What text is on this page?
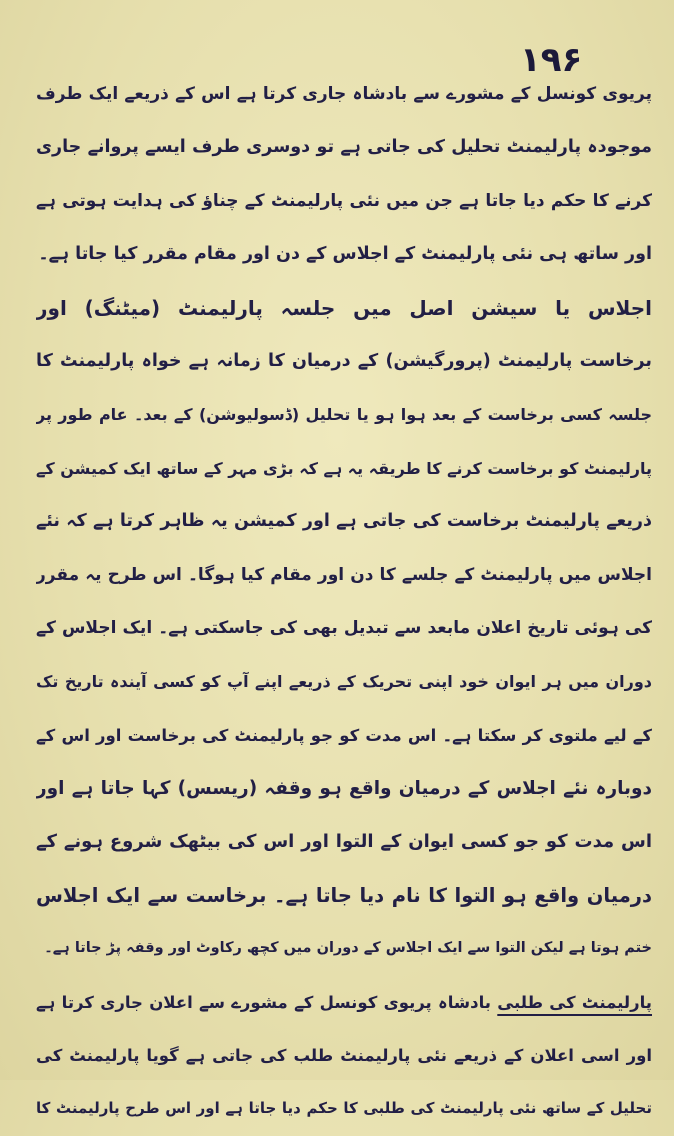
۱۹۶
پریوی کونسل کے مشورے سے بادشاہ جاری کرتا ہے اس کے ذریعے ایک طرف
موجودہ پارلیمنٹ تحلیل کی جاتی ہے تو دوسری طرف ایسے پروانے جاری
کرنے کا حکم دیا جاتا ہے جن میں نئی پارلیمنٹ کے چناؤ کی ہدایت ہوتی ہے
اور ساتھ ہی نئی پارلیمنٹ کے اجلاس کے دن اور مقام مقرر کیا جاتا ہے۔
اجلاس یا سیشن اصل میں جلسہ پارلیمنٹ (میٹنگ) اور
برخاست پارلیمنٹ (پرورگیشن) کے درمیان کا زمانہ ہے خواہ پارلیمنٹ کا
جلسہ کسی برخاست کے بعد ہوا ہو یا تحلیل (ڈسولیوشن) کے بعد۔ عام طور پر
پارلیمنٹ کو برخاست کرنے کا طریقہ یہ ہے کہ بڑی مہر کے ساتھ ایک کمیشن کے
ذریعے پارلیمنٹ برخاست کی جاتی ہے اور کمیشن یہ ظاہر کرتا ہے کہ نئے
اجلاس میں پارلیمنٹ کے جلسے کا دن اور مقام کیا ہوگا۔ اس طرح یہ مقرر
کی ہوئی تاریخ اعلان مابعد سے تبدیل بھی کی جاسکتی ہے۔ ایک اجلاس کے
دوران میں ہر ایوان خود اپنی تحریک کے ذریعے اپنے آپ کو کسی آیندہ تاریخ تک
کے لیے ملتوی کر سکتا ہے۔ اس مدت کو جو پارلیمنٹ کی برخاست اور اس کے
دوبارہ نئے اجلاس کے درمیان واقع ہو وقفہ (ریسس) کہا جاتا ہے اور
اس مدت کو جو کسی ایوان کے التوا اور اس کی بیٹھک شروع ہونے کے
درمیان واقع ہو التوا کا نام دیا جاتا ہے۔ برخاست سے ایک اجلاس
ختم ہوتا ہے لیکن التوا سے ایک اجلاس کے دوران میں کچھ رکاوٹ اور وقفہ پڑ جاتا ہے۔
پارلیمنٹ کی طلبی بادشاہ پریوی کونسل کے مشورے سے اعلان جاری کرتا ہے
اور اسی اعلان کے ذریعے نئی پارلیمنٹ طلب کی جاتی ہے گویا پارلیمنٹ کی
تحلیل کے ساتھ نئی پارلیمنٹ کی طلبی کا حکم دیا جاتا ہے اور اس طرح پارلیمنٹ کا
